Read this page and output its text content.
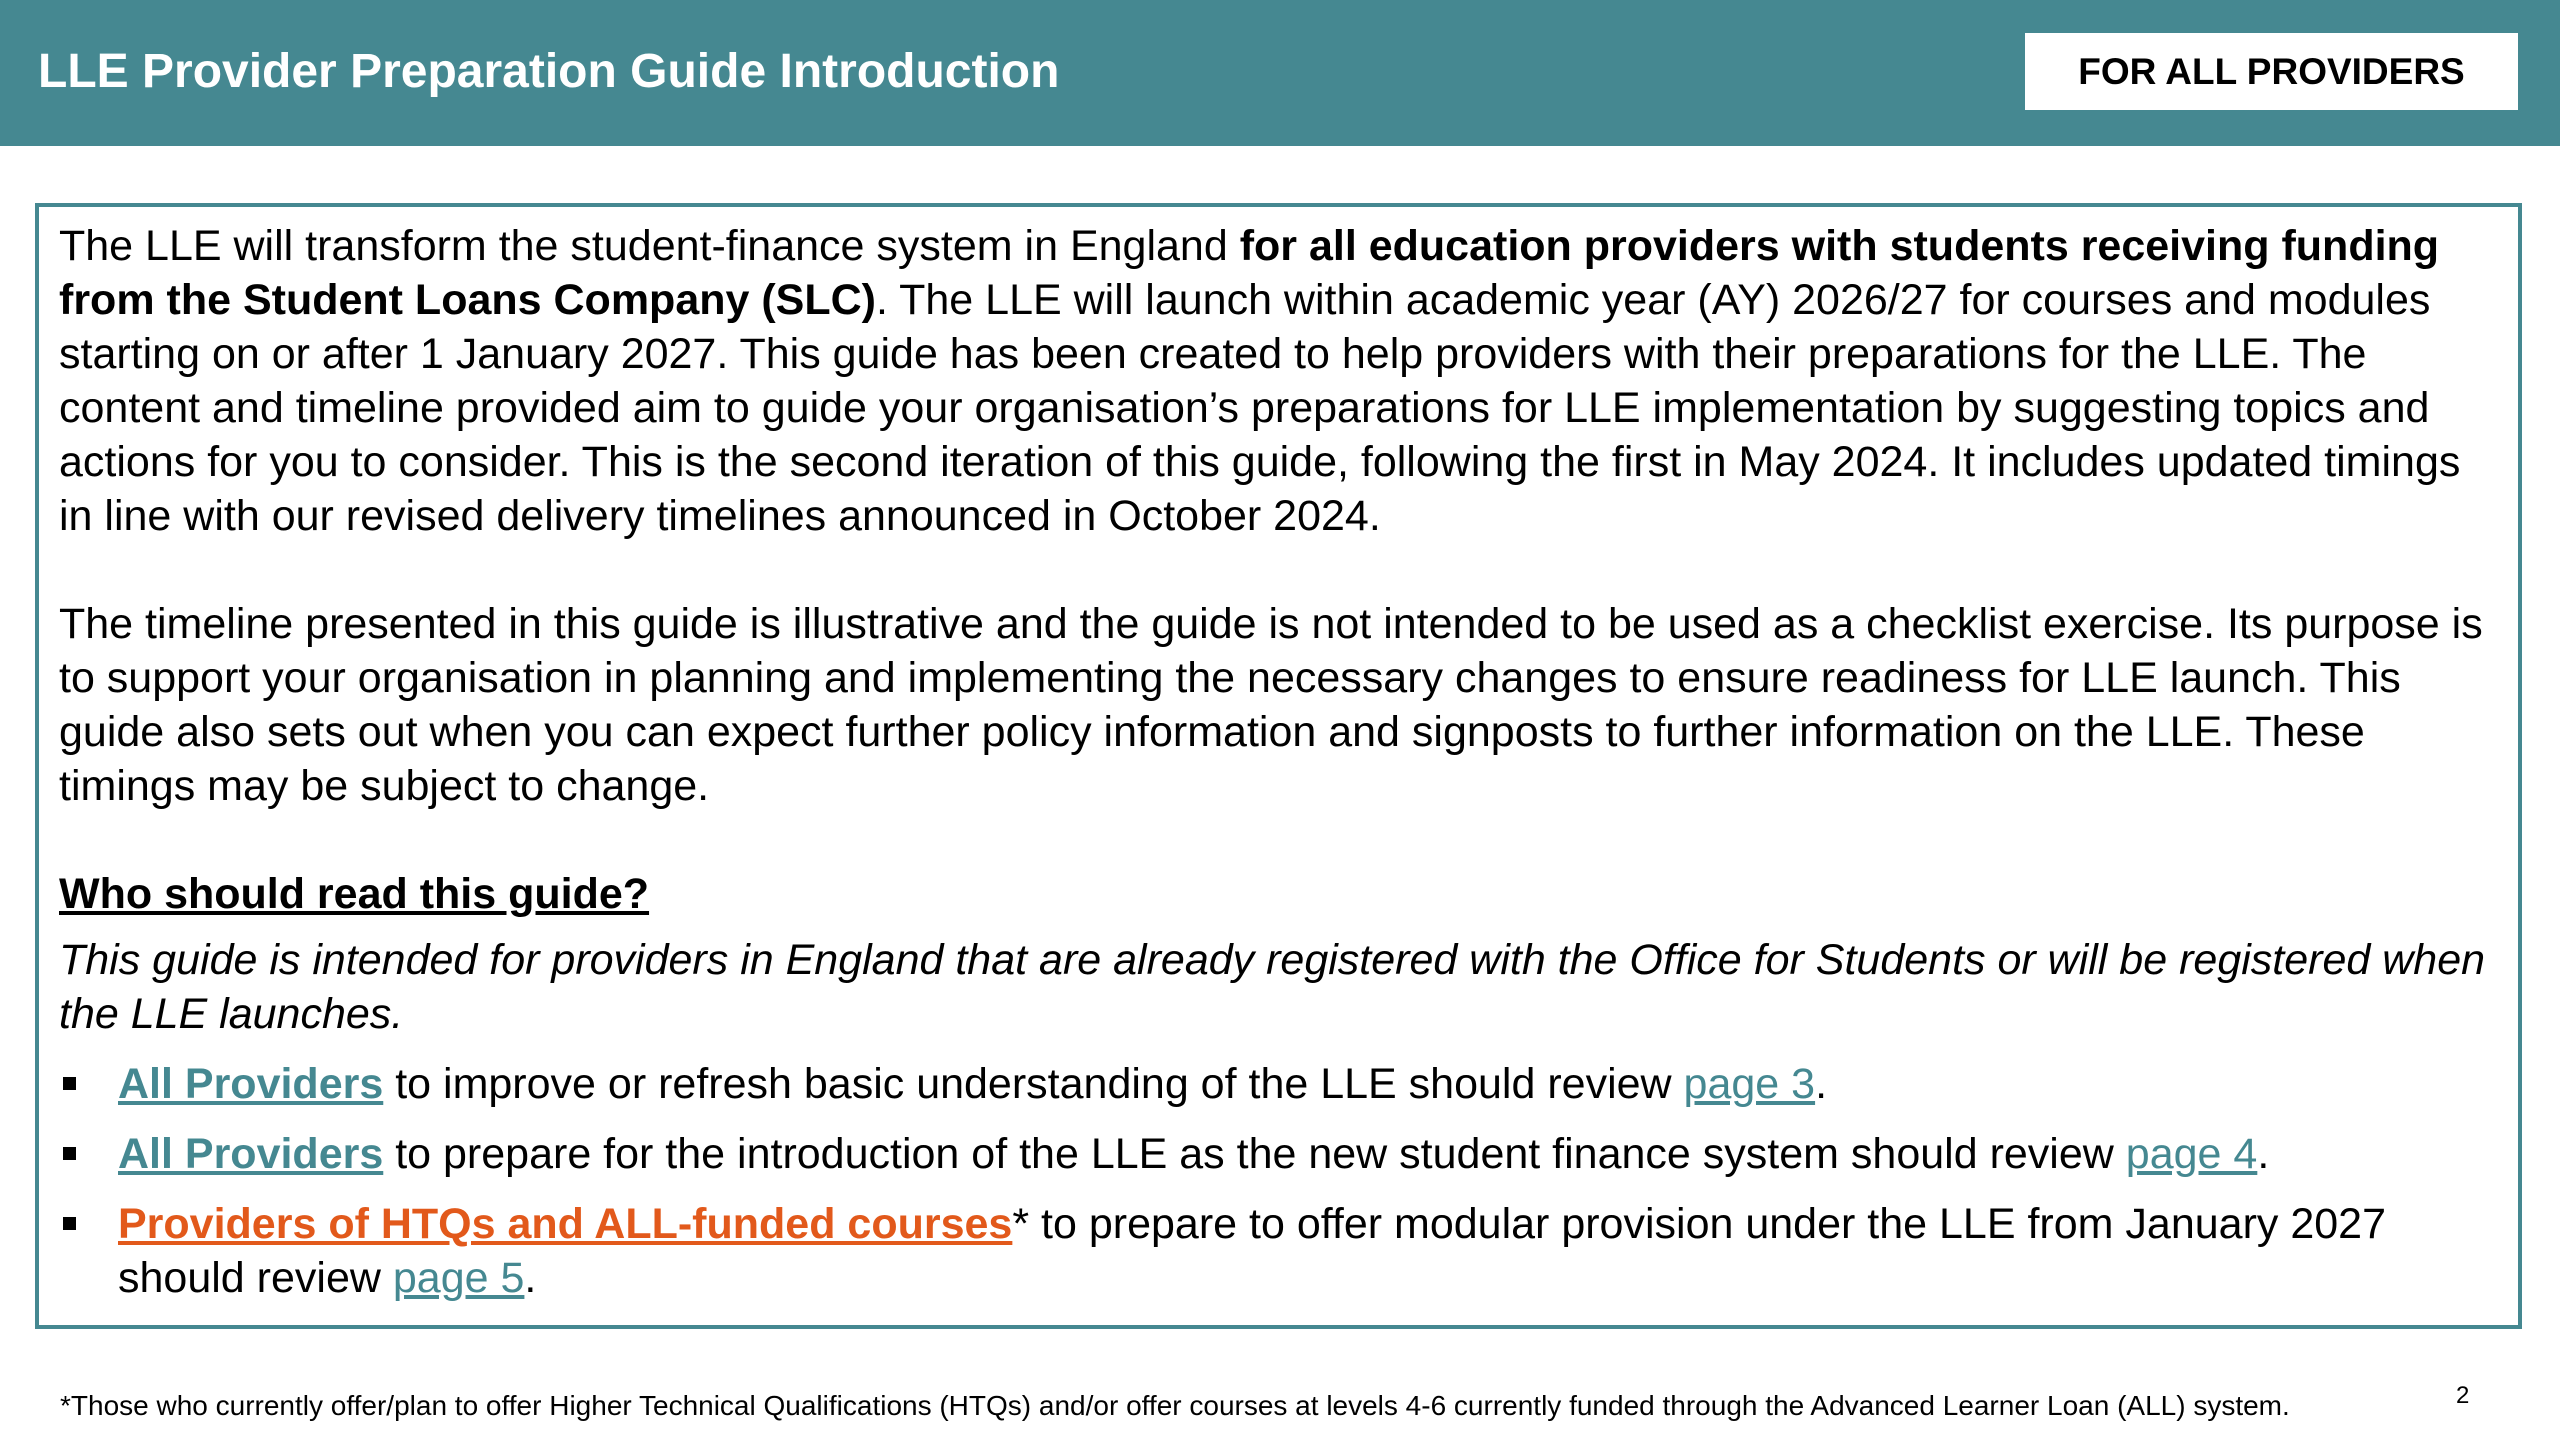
LLE Provider Preparation Guide Introduction	FOR ALL PROVIDERS

The LLE will transform the student-finance system in England for all education providers with students receiving funding from the Student Loans Company (SLC). The LLE will launch within academic year (AY) 2026/27 for courses and modules starting on or after 1 January 2027. This guide has been created to help providers with their preparations for the LLE. The content and timeline provided aim to guide your organisation’s preparations for LLE implementation by suggesting topics and actions for you to consider. This is the second iteration of this guide, following the first in May 2024. It includes updated timings in line with our revised delivery timelines announced in October 2024.

The timeline presented in this guide is illustrative and the guide is not intended to be used as a checklist exercise. Its purpose is to support your organisation in planning and implementing the necessary changes to ensure readiness for LLE launch. This guide also sets out when you can expect further policy information and signposts to further information on the LLE. These timings may be subject to change.

Who should read this guide?
This guide is intended for providers in England that are already registered with the Office for Students or will be registered when the LLE launches.
All Providers to improve or refresh basic understanding of the LLE should review page 3.
All Providers to prepare for the introduction of the LLE as the new student finance system should review page 4.
Providers of HTQs and ALL-funded courses* to prepare to offer modular provision under the LLE from January 2027 should review page 5.
*Those who currently offer/plan to offer Higher Technical Qualifications (HTQs) and/or offer courses at levels 4-6 currently funded through the Advanced Learner Loan (ALL) system.	2
